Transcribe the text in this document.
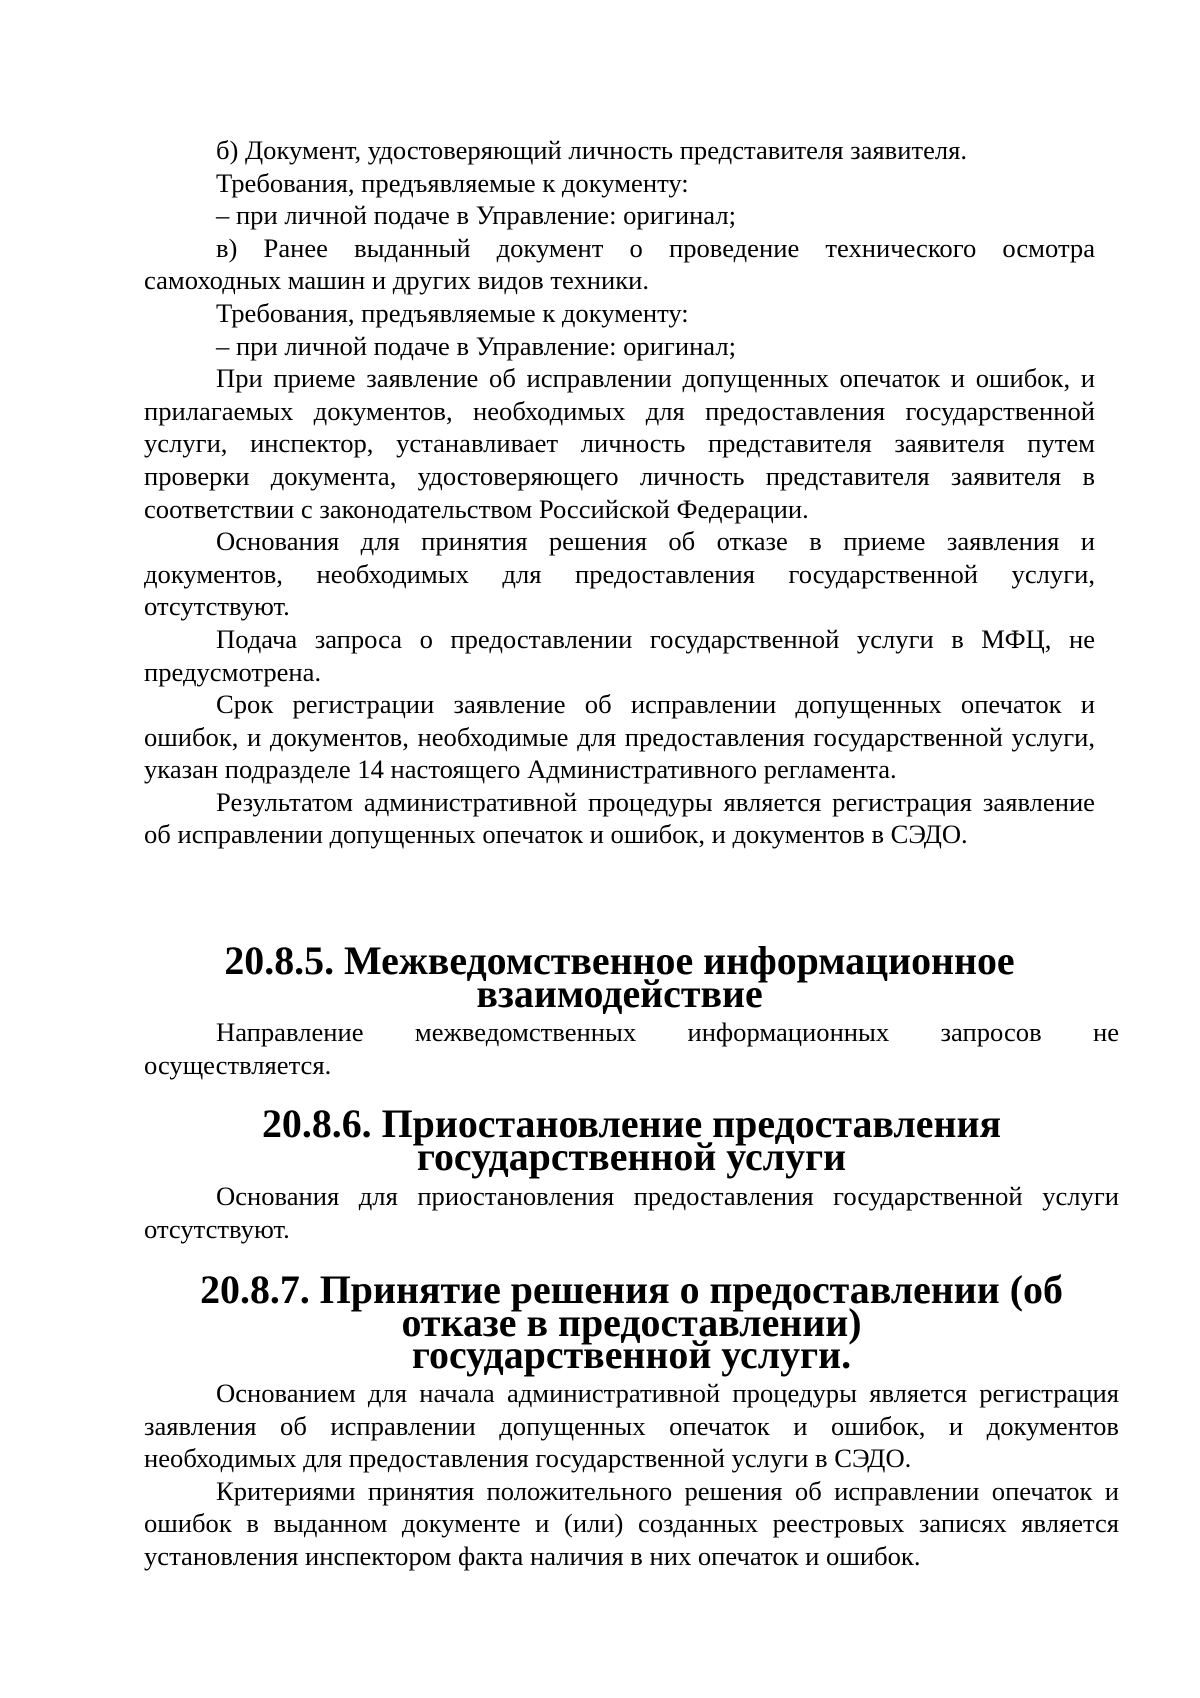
б) Документ, удостоверяющий личность представителя заявителя.

Требования, предъявляемые к документу:

– при личной подаче в Управление: оригинал;

в) Ранее выданный документ о проведение технического осмотра самоходных машин и других видов техники.

Требования, предъявляемые к документу:

– при личной подаче в Управление: оригинал;

При приеме заявление об исправлении допущенных опечаток и ошибок, и прилагаемых документов, необходимых для предоставления государственной услуги, инспектор, устанавливает личность представителя заявителя путем проверки документа, удостоверяющего личность представителя заявителя в соответствии с законодательством Российской Федерации.

Основания для принятия решения об отказе в приеме заявления и документов, необходимых для предоставления государственной услуги, отсутствуют.

Подача запроса о предоставлении государственной услуги в МФЦ, не предусмотрена.

Срок регистрации заявление об исправлении допущенных опечаток и ошибок, и документов, необходимые для предоставления государственной услуги, указан подразделе 14 настоящего Административного регламента.

Результатом административной процедуры является регистрация заявление об исправлении допущенных опечаток и ошибок, и документов в СЭДО.

20.8.5. Межведомственное информационное взаимодействие

Направление межведомственных информационных запросов не осуществляется.

20.8.6. Приостановление предоставления государственной услуги

Основания для приостановления предоставления государственной услуги отсутствуют.

20.8.7. Принятие решения о предоставлении (об отказе в предоставлении)
государственной услуги.

Основанием для начала административной процедуры является регистрация заявления об исправлении допущенных опечаток и ошибок, и документов необходимых для предоставления государственной услуги в СЭДО.

Критериями принятия положительного решения об исправлении опечаток и ошибок в выданном документе и (или) созданных реестровых записях является установления инспектором факта наличия в них опечаток и ошибок.
